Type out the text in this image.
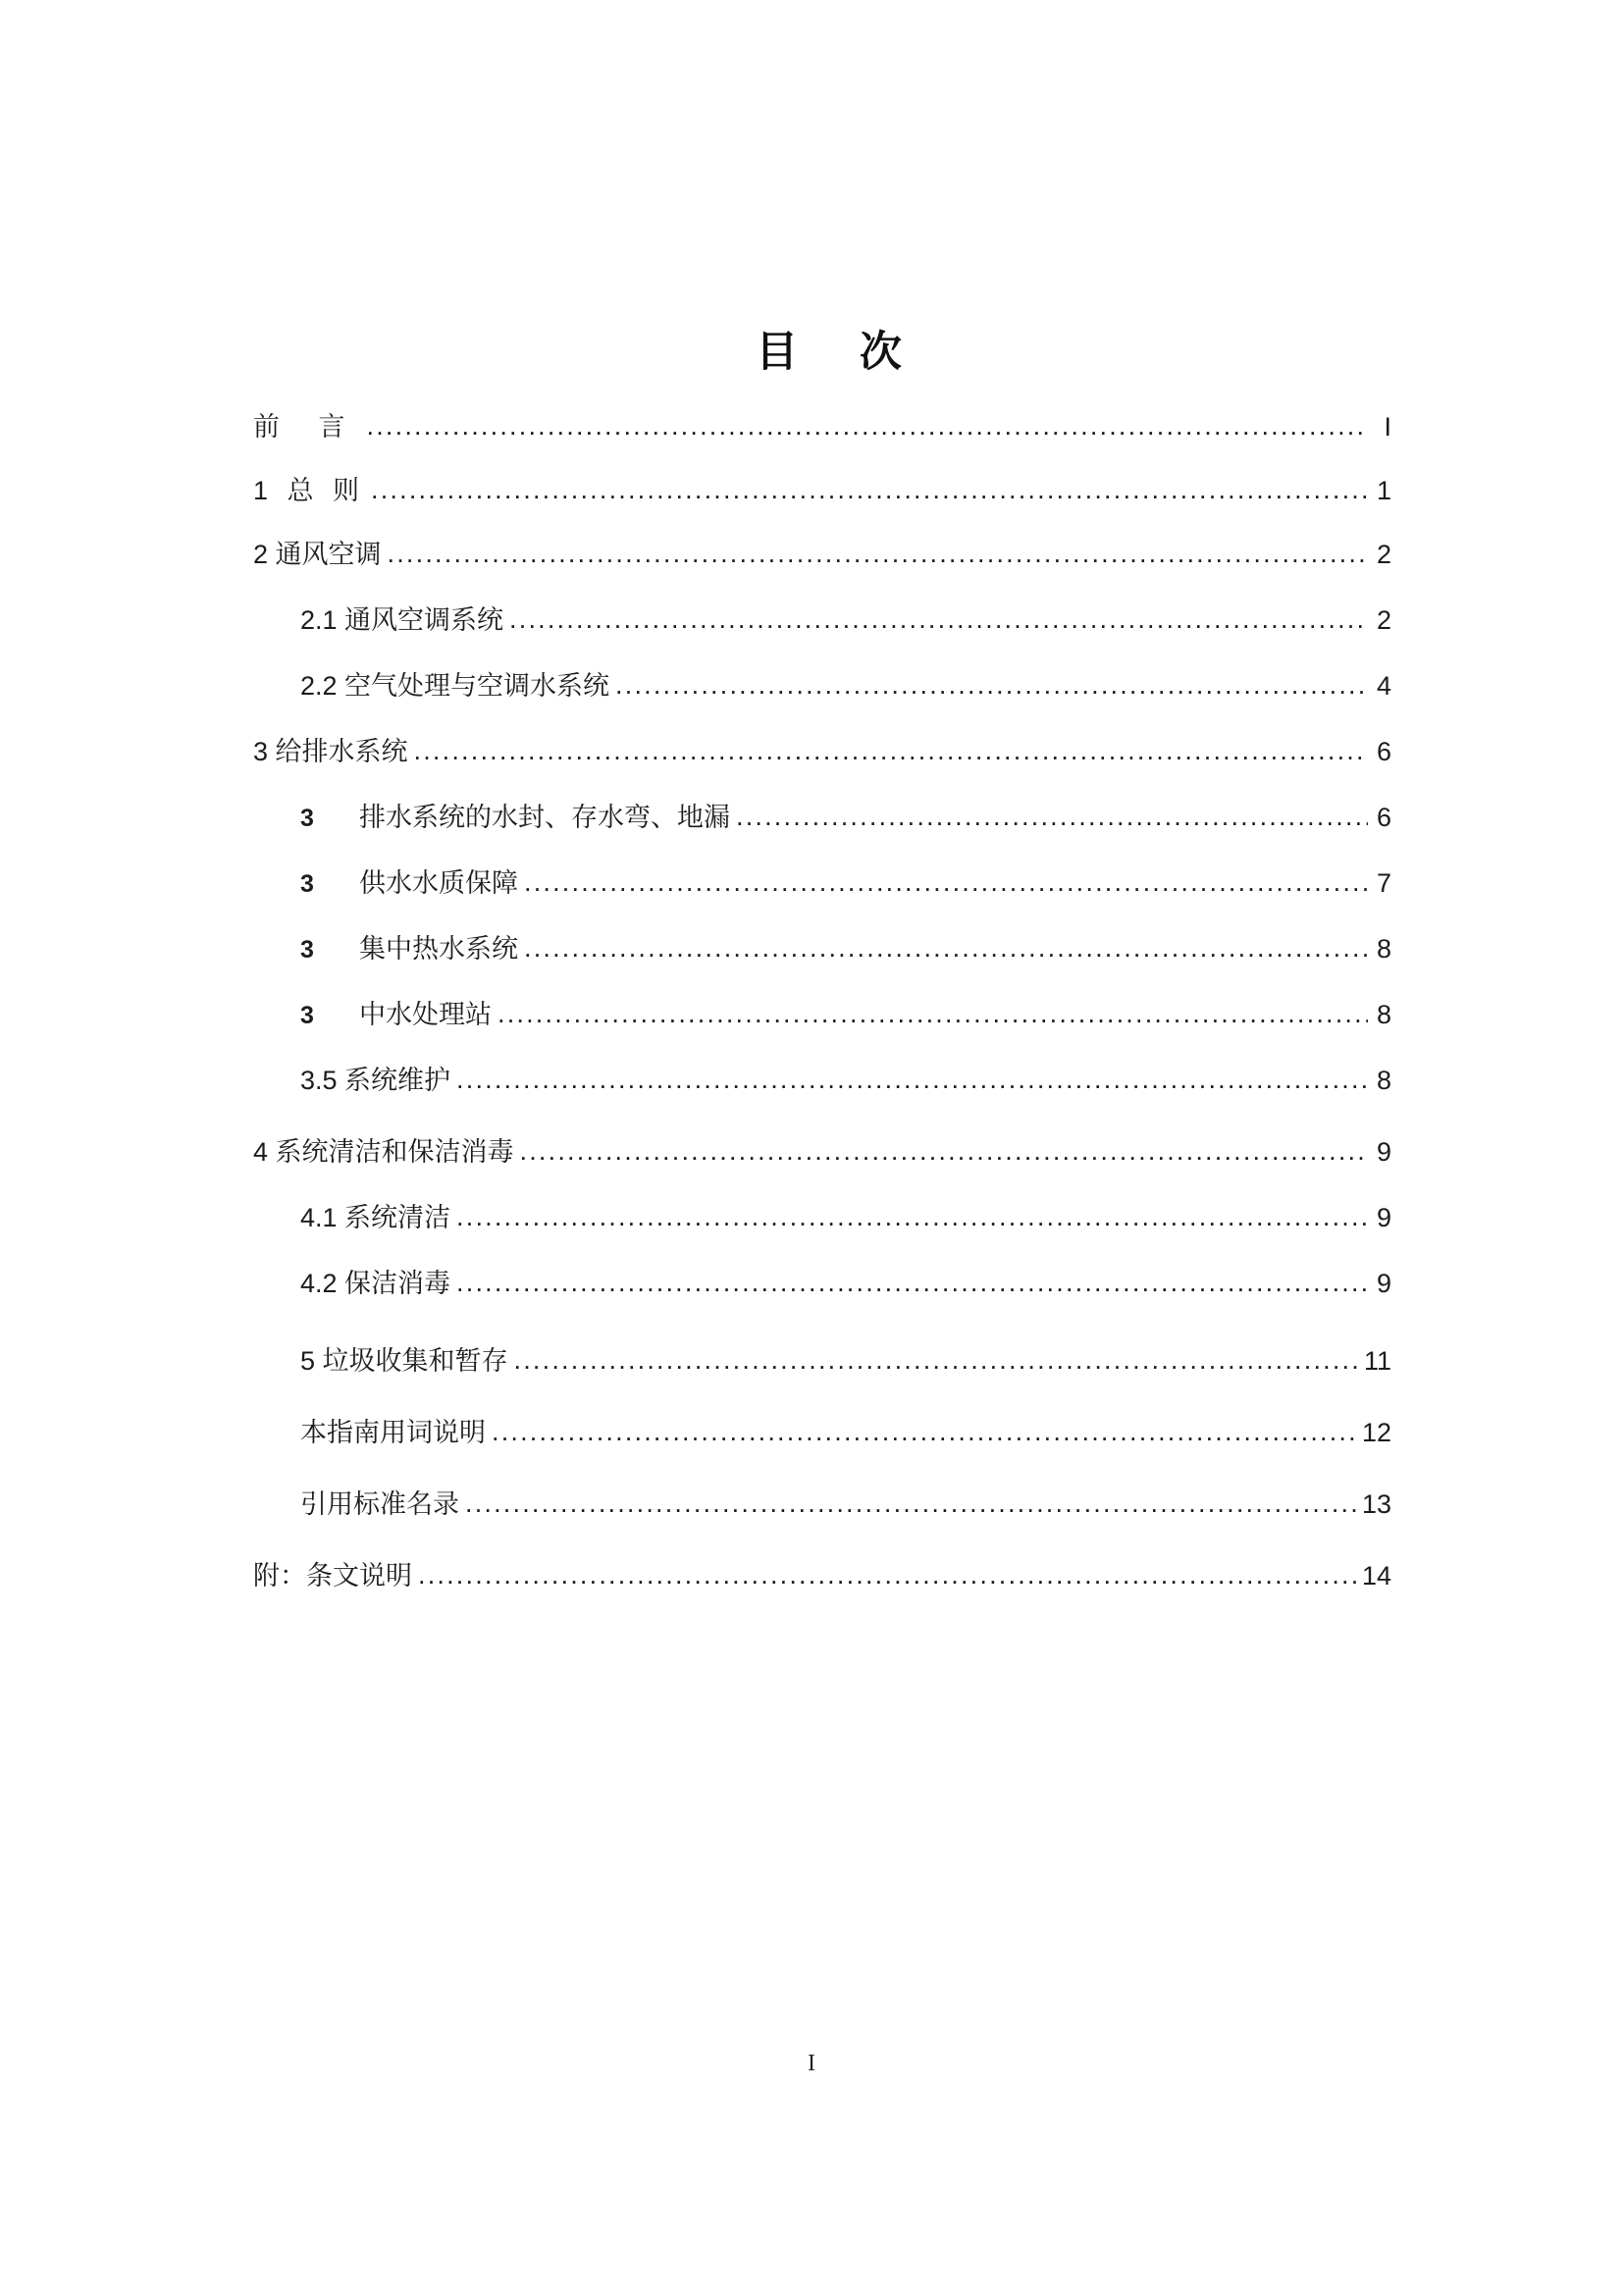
目 次
前 言 .....	I
1 总 则 .....	1
2 通风空调 .....	2
2.1 通风空调系统 .....	2
2.2 空气处理与空调水系统 .....	4
3 给排水系统 .....	6
3	排水系统的水封、存水弯、地漏 .....	6
3	供水水质保障 .....	7
3	集中热水系统 .....	8
3	中水处理站 .....	8
3.5 系统维护 .....	8
4 系统清洁和保洁消毒 .....	9
4.1 系统清洁 .....	9
4.2 保洁消毒 .....	9
5 垃圾收集和暂存 .....	11
本指南用词说明 .....	12
引用标准名录 .....	13
附：条文说明 .....	14
I
